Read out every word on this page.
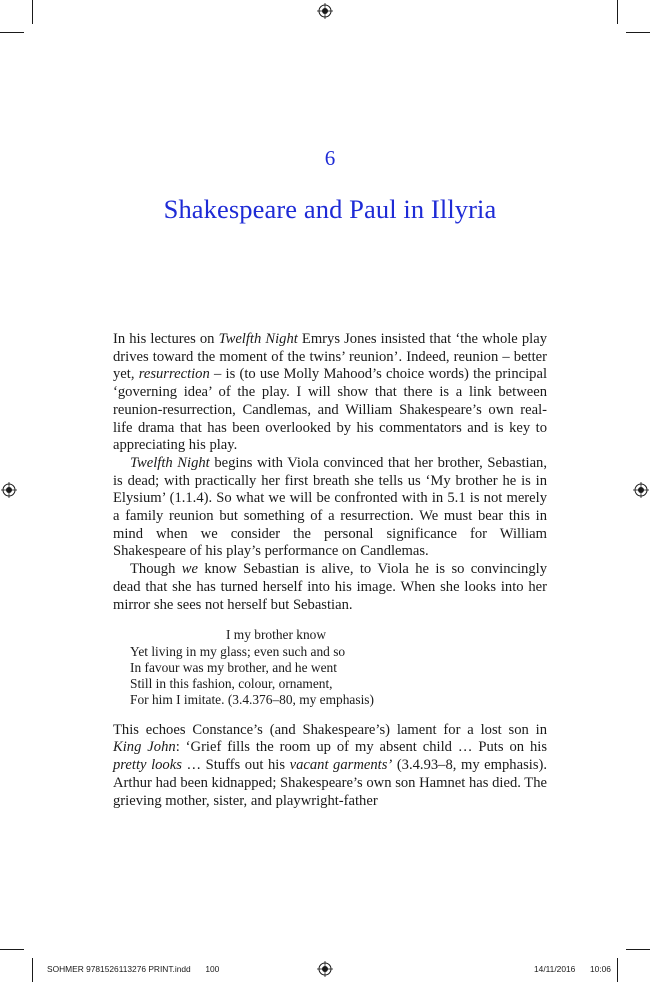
6
Shakespeare and Paul in Illyria

In his lectures on Twelfth Night Emrys Jones insisted that ‘the whole play drives toward the moment of the twins’ reunion’. Indeed, reunion – better yet, resurrection – is (to use Molly Mahood’s choice words) the principal ‘governing idea’ of the play. I will show that there is a link between reunion-resurrection, Candlemas, and William Shakespeare’s own real-life drama that has been overlooked by his commentators and is key to appreciating his play.

Twelfth Night begins with Viola convinced that her brother, Sebastian, is dead; with practically her first breath she tells us ‘My brother he is in Elysium’ (1.1.4). So what we will be confronted with in 5.1 is not merely a family reunion but something of a resurrection. We must bear this in mind when we consider the personal significance for William Shakespeare of his play’s performance on Candlemas.

Though we know Sebastian is alive, to Viola he is so convincingly dead that she has turned herself into his image. When she looks into her mirror she sees not herself but Sebastian.

I my brother know
Yet living in my glass; even such and so
In favour was my brother, and he went
Still in this fashion, colour, ornament,
For him I imitate. (3.4.376–80, my emphasis)

This echoes Constance’s (and Shakespeare’s) lament for a lost son in King John: ‘Grief fills the room up of my absent child … Puts on his pretty looks … Stuffs out his vacant garments’ (3.4.93–8, my emphasis). Arthur had been kidnapped; Shakespeare’s own son Hamnet has died. The grieving mother, sister, and playwright-father

SOHMER 9781526113276 PRINT.indd 100	14/11/2016 10:06
